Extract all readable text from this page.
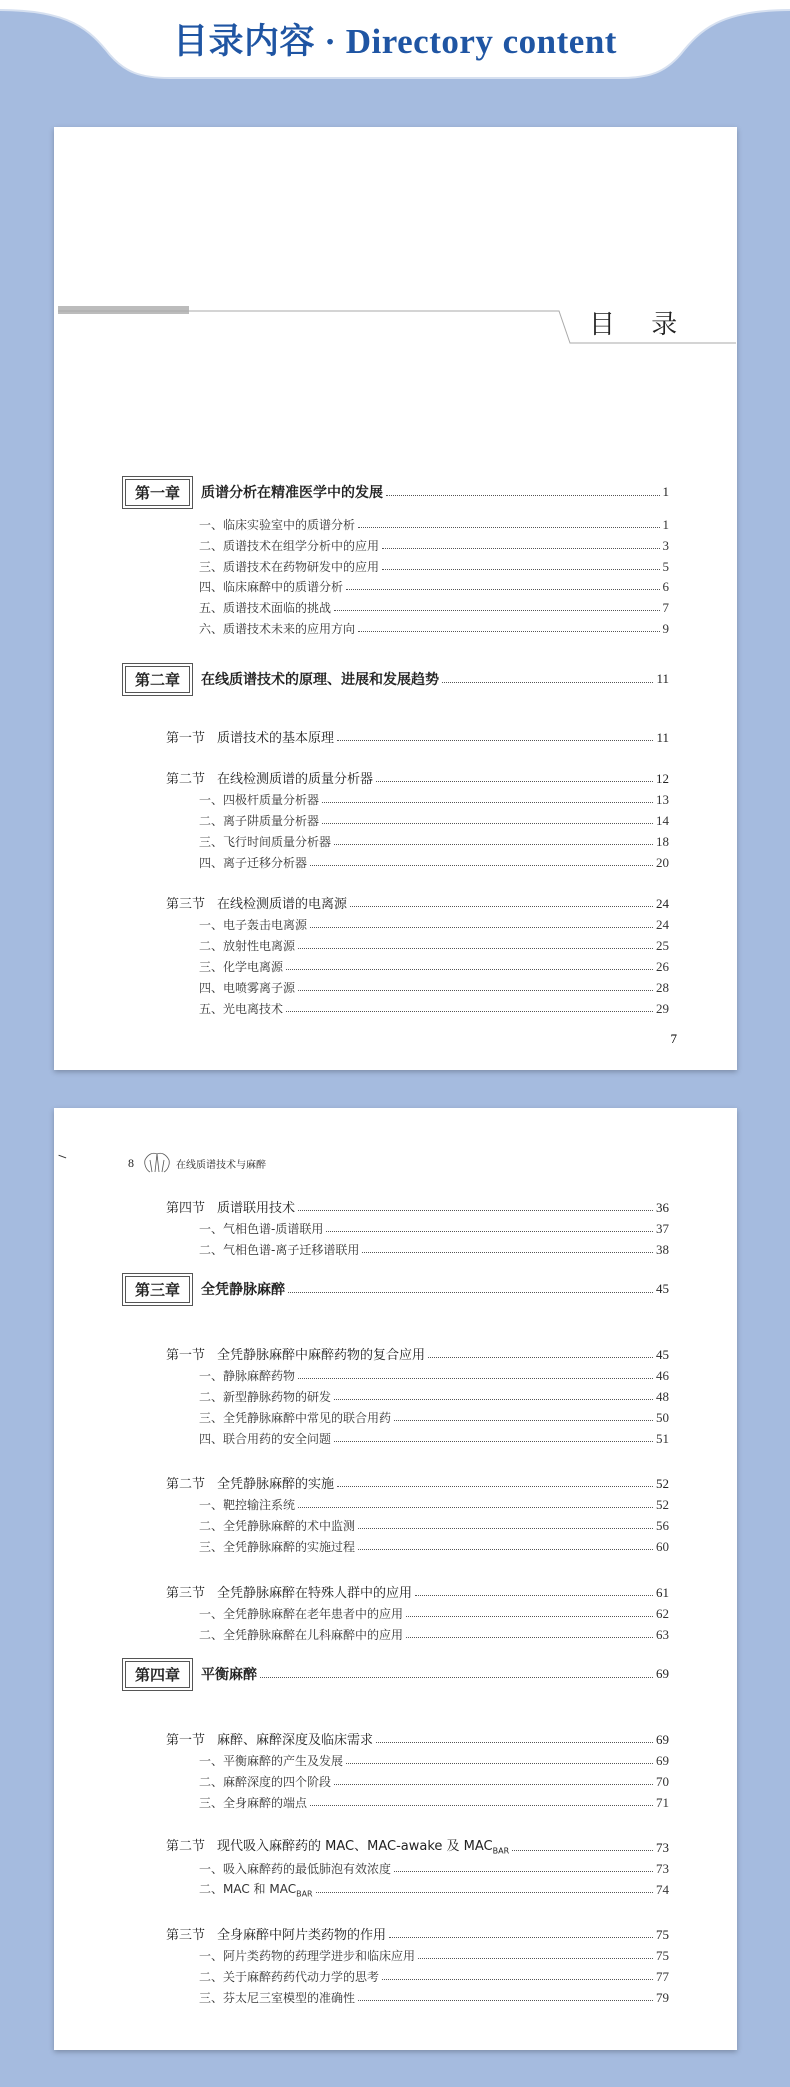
目录内容 · Directory content
目 录
第一章	质谱分析在精准医学中的发展	1
一、临床实验室中的质谱分析	1
二、质谱技术在组学分析中的应用	3
三、质谱技术在药物研发中的应用	5
四、临床麻醉中的质谱分析	6
五、质谱技术面临的挑战	7
六、质谱技术未来的应用方向	9
第二章	在线质谱技术的原理、进展和发展趋势	11
第一节 质谱技术的基本原理	11
第二节 在线检测质谱的质量分析器	12
一、四极杆质量分析器	13
二、离子阱质量分析器	14
三、飞行时间质量分析器	18
四、离子迁移分析器	20
第三节 在线检测质谱的电离源	24
一、电子轰击电离源	24
二、放射性电离源	25
三、化学电离源	26
四、电喷雾离子源	28
五、光电离技术	29
7
8	在线质谱技术与麻醉
第四节 质谱联用技术	36
一、气相色谱-质谱联用	37
二、气相色谱-离子迁移谱联用	38
第三章	全凭静脉麻醉	45
第一节 全凭静脉麻醉中麻醉药物的复合应用	45
一、静脉麻醉药物	46
二、新型静脉药物的研发	48
三、全凭静脉麻醉中常见的联合用药	50
四、联合用药的安全问题	51
第二节 全凭静脉麻醉的实施	52
一、靶控输注系统	52
二、全凭静脉麻醉的术中监测	56
三、全凭静脉麻醉的实施过程	60
第三节 全凭静脉麻醉在特殊人群中的应用	61
一、全凭静脉麻醉在老年患者中的应用	62
二、全凭静脉麻醉在儿科麻醉中的应用	63
第四章	平衡麻醉	69
第一节 麻醉、麻醉深度及临床需求	69
一、平衡麻醉的产生及发展	69
二、麻醉深度的四个阶段	70
三、全身麻醉的端点	71
第二节 现代吸入麻醉药的 MAC、MAC-awake 及 $MAC_{BAR}$	73
一、吸入麻醉药的最低肺泡有效浓度	73
二、MAC 和 $MAC_{BAR}$	74
第三节 全身麻醉中阿片类药物的作用	75
一、阿片类药物的药理学进步和临床应用	75
二、关于麻醉药药代动力学的思考	77
三、芬太尼三室模型的准确性	79
